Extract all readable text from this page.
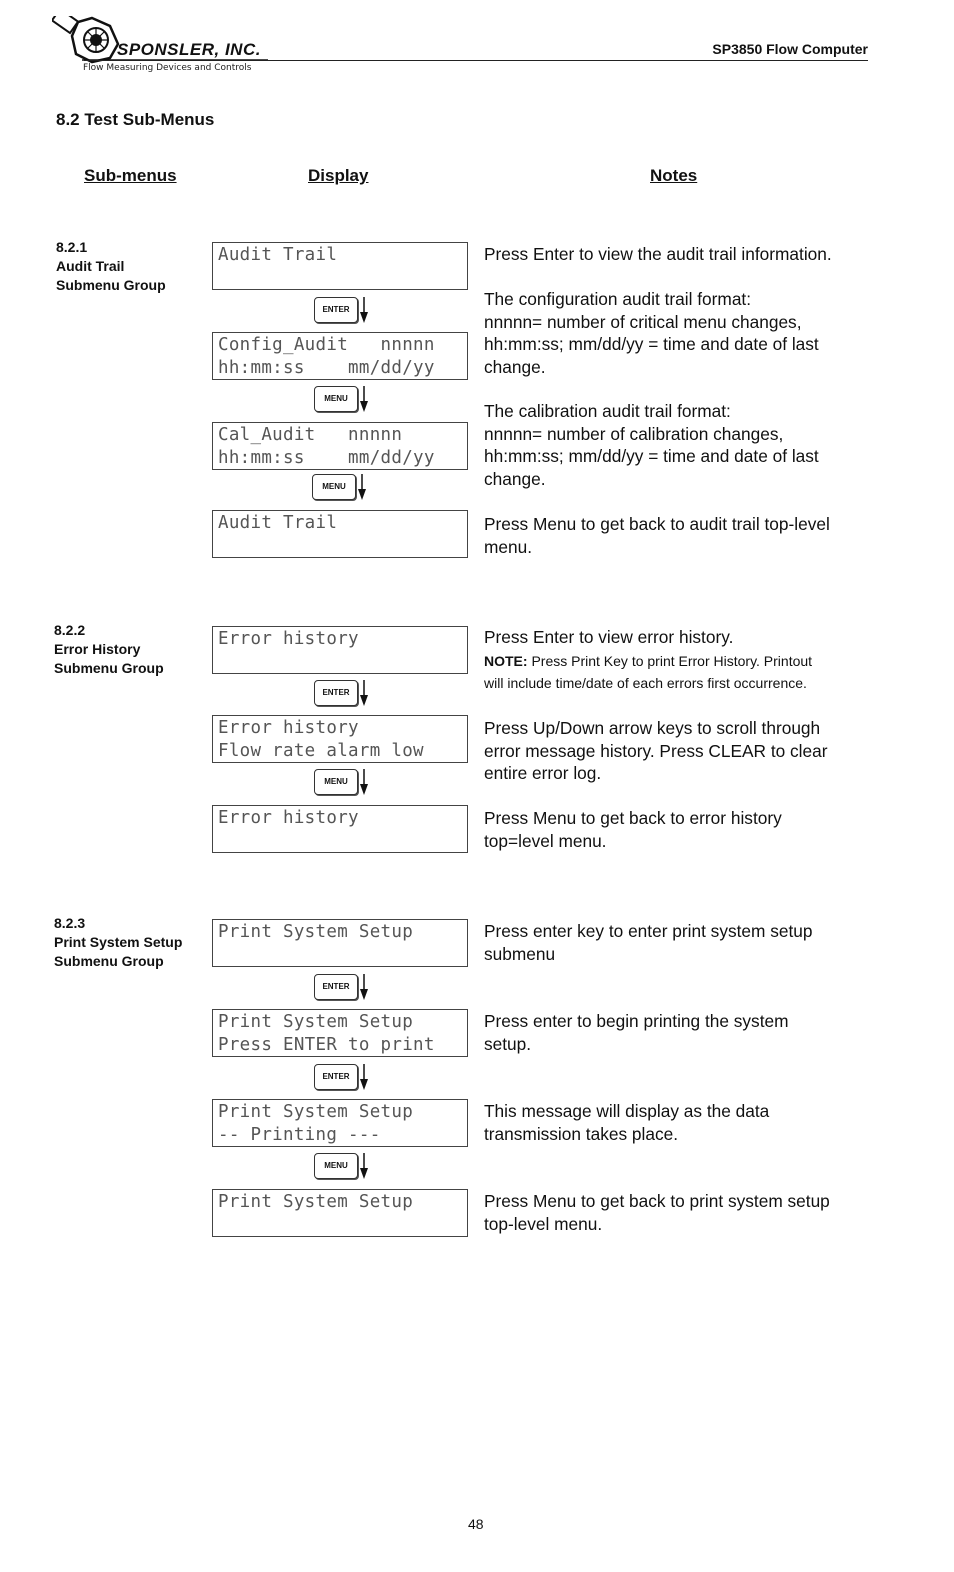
SPONSLER, INC.
Flow Measuring Devices and Controls
SP3850 Flow Computer
8.2 Test Sub-Menus
Sub-menus	Display	Notes
8.2.1
Audit Trail
Submenu Group
8.2.2
Error History
Submenu Group
8.2.3
Print System Setup
Submenu Group
Audit Trail
Config_Audit   nnnnn
hh:mm:ss    mm/dd/yy
Cal_Audit   nnnnn
hh:mm:ss    mm/dd/yy
Audit Trail
Error history
Error history
Flow rate alarm low
Error history
Print System Setup
Print System Setup
Press ENTER to print
Print System Setup
-- Printing ---
Print System Setup
ENTER
MENU
MENU
ENTER
MENU
ENTER
ENTER
MENU
Press Enter to view the audit trail information.
The configuration audit trail format:
nnnnn= number of critical menu changes,
hh:mm:ss; mm/dd/yy = time and date of last
change.
The calibration audit trail format:
nnnnn= number of calibration changes,
hh:mm:ss; mm/dd/yy = time and date of last
change.
Press Menu to get back to audit trail top-level
menu.
Press Enter to view error history.
NOTE: Press Print Key to print Error History. Printout
will include time/date of each errors first occurrence.
Press Up/Down arrow keys to scroll through
error message history. Press CLEAR to clear
entire error log.
Press Menu to get back to error history
top=level menu.
Press enter key to enter print system setup
submenu
Press enter to begin printing the system
setup.
This message will display as the data
transmission takes place.
Press Menu to get back to print system setup
top-level menu.
48
